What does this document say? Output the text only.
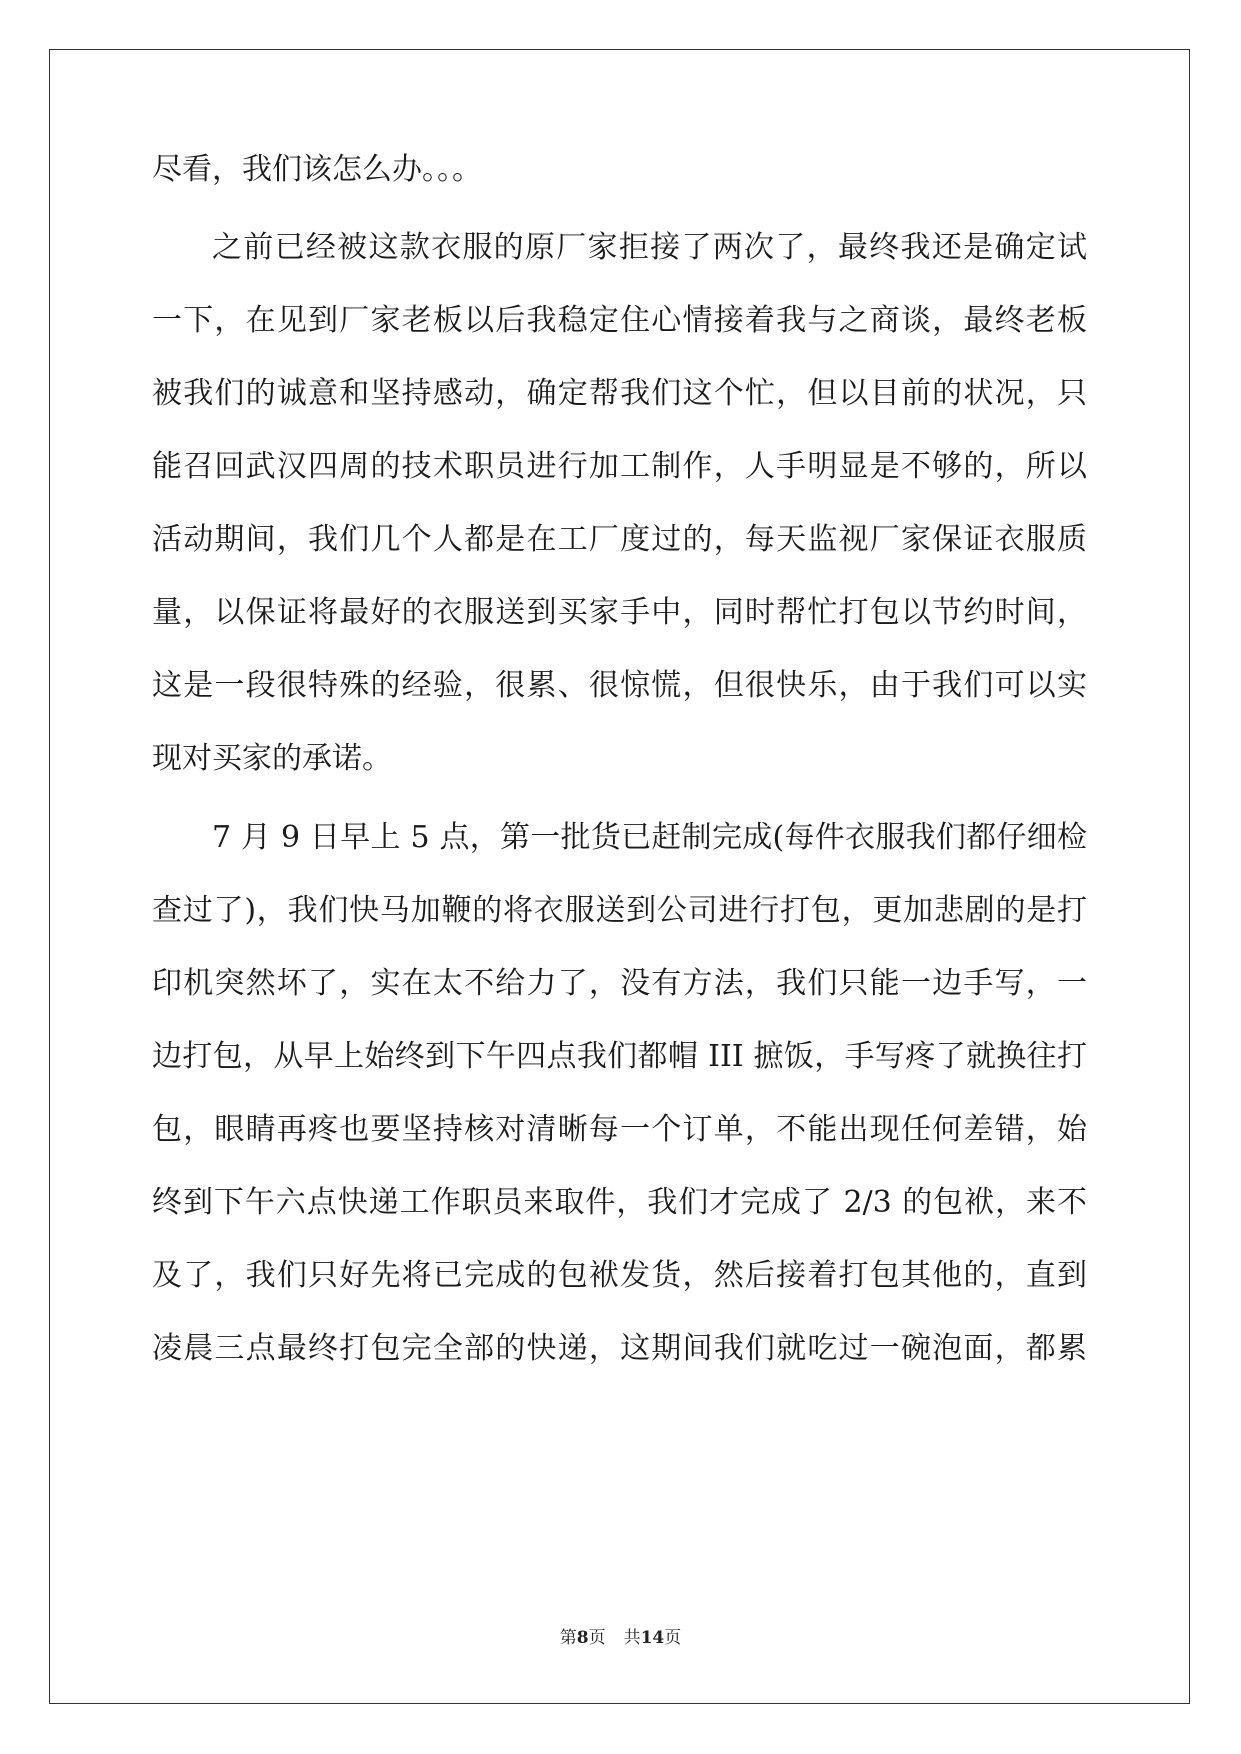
尽看，我们该怎么办。。。
之前已经被这款衣服的原厂家拒接了两次了，最终我还是确定试
一下，在见到厂家老板以后我稳定住心情接着我与之商谈，最终老板
被我们的诚意和坚持感动，确定帮我们这个忙，但以目前的状况，只
能召回武汉四周的技术职员进行加工制作，人手明显是不够的，所以
活动期间，我们几个人都是在工厂度过的，每天监视厂家保证衣服质
量，以保证将最好的衣服送到买家手中，同时帮忙打包以节约时间，
这是一段很特殊的经验，很累、很惊慌，但很快乐，由于我们可以实
现对买家的承诺。
7 月 9 日早上 5 点，第一批货已赶制完成(每件衣服我们都仔细检
查过了)，我们快马加鞭的将衣服送到公司进行打包，更加悲剧的是打
印机突然坏了，实在太不给力了，没有方法，我们只能一边手写，一
边打包，从早上始终到下午四点我们都帽 III 摭饭，手写疼了就换往打
包，眼睛再疼也要坚持核对清晰每一个订单，不能出现任何差错，始
终到下午六点快递工作职员来取件，我们才完成了 2/3 的包袱，来不
及了，我们只好先将已完成的包袱发货，然后接着打包其他的，直到
凌晨三点最终打包完全部的快递，这期间我们就吃过一碗泡面，都累
第8页 共14页
